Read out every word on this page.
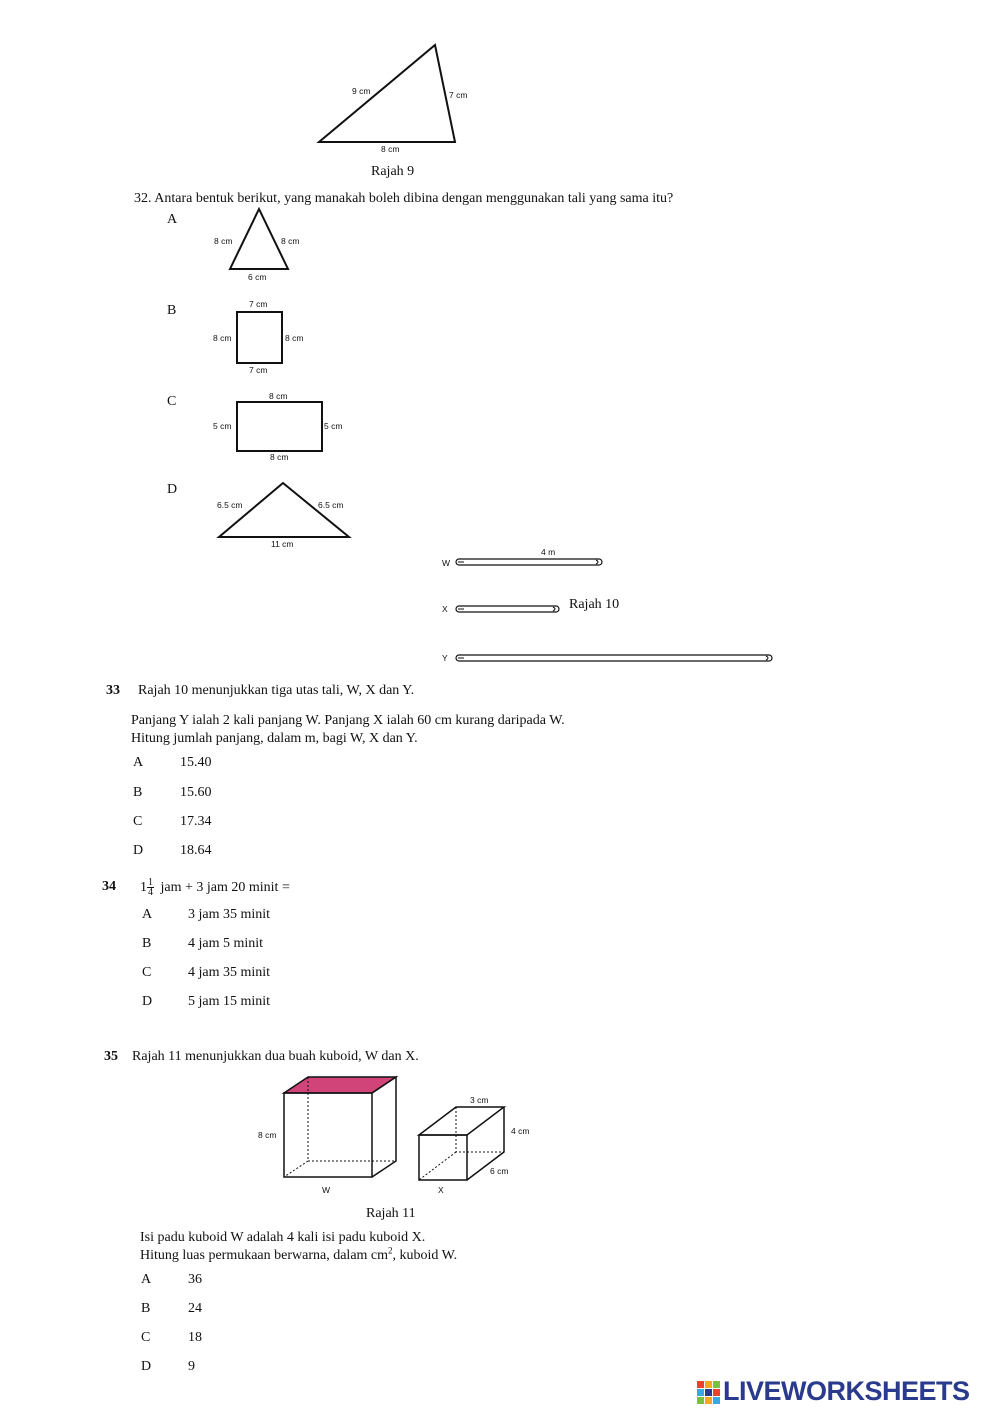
9 cm	7 cm
8 cm
Rajah 9
32. Antara bentuk berikut, yang manakah boleh dibina dengan menggunakan tali yang sama itu?
A
8 cm	8 cm
6 cm
B	7 cm
8 cm	8 cm
7 cm
C	8 cm
5 cm	5 cm
8 cm
D
6.5 cm	6.5 cm
11 cm
W
4 m
X
Y
Rajah 10
33 Rajah 10 menunjukkan tiga utas tali, W, X dan Y.
Panjang Y ialah 2 kali panjang W. Panjang X ialah 60 cm kurang daripada W.
Hitung jumlah panjang, dalam m, bagi W, X dan Y.
A	15.40
B	15.60
C	17.34
D	18.64
34 $1 \frac{1}{4}$ jam + 3 jam 20 minit =
A	3 jam 35 minit
B	4 jam 5 minit
C	4 jam 35 minit
D	5 jam 15 minit
35 Rajah 11 menunjukkan dua buah kuboid, W dan X.
8 cm
W
3 cm
4 cm
6 cm
X
Rajah 11
Isi padu kuboid W adalah 4 kali isi padu kuboid X.
Hitung luas permukaan berwarna, dalam $cm^2$, kuboid W.
A	36
B	24
C	18
D	9
LIVEWORKSHEETS
